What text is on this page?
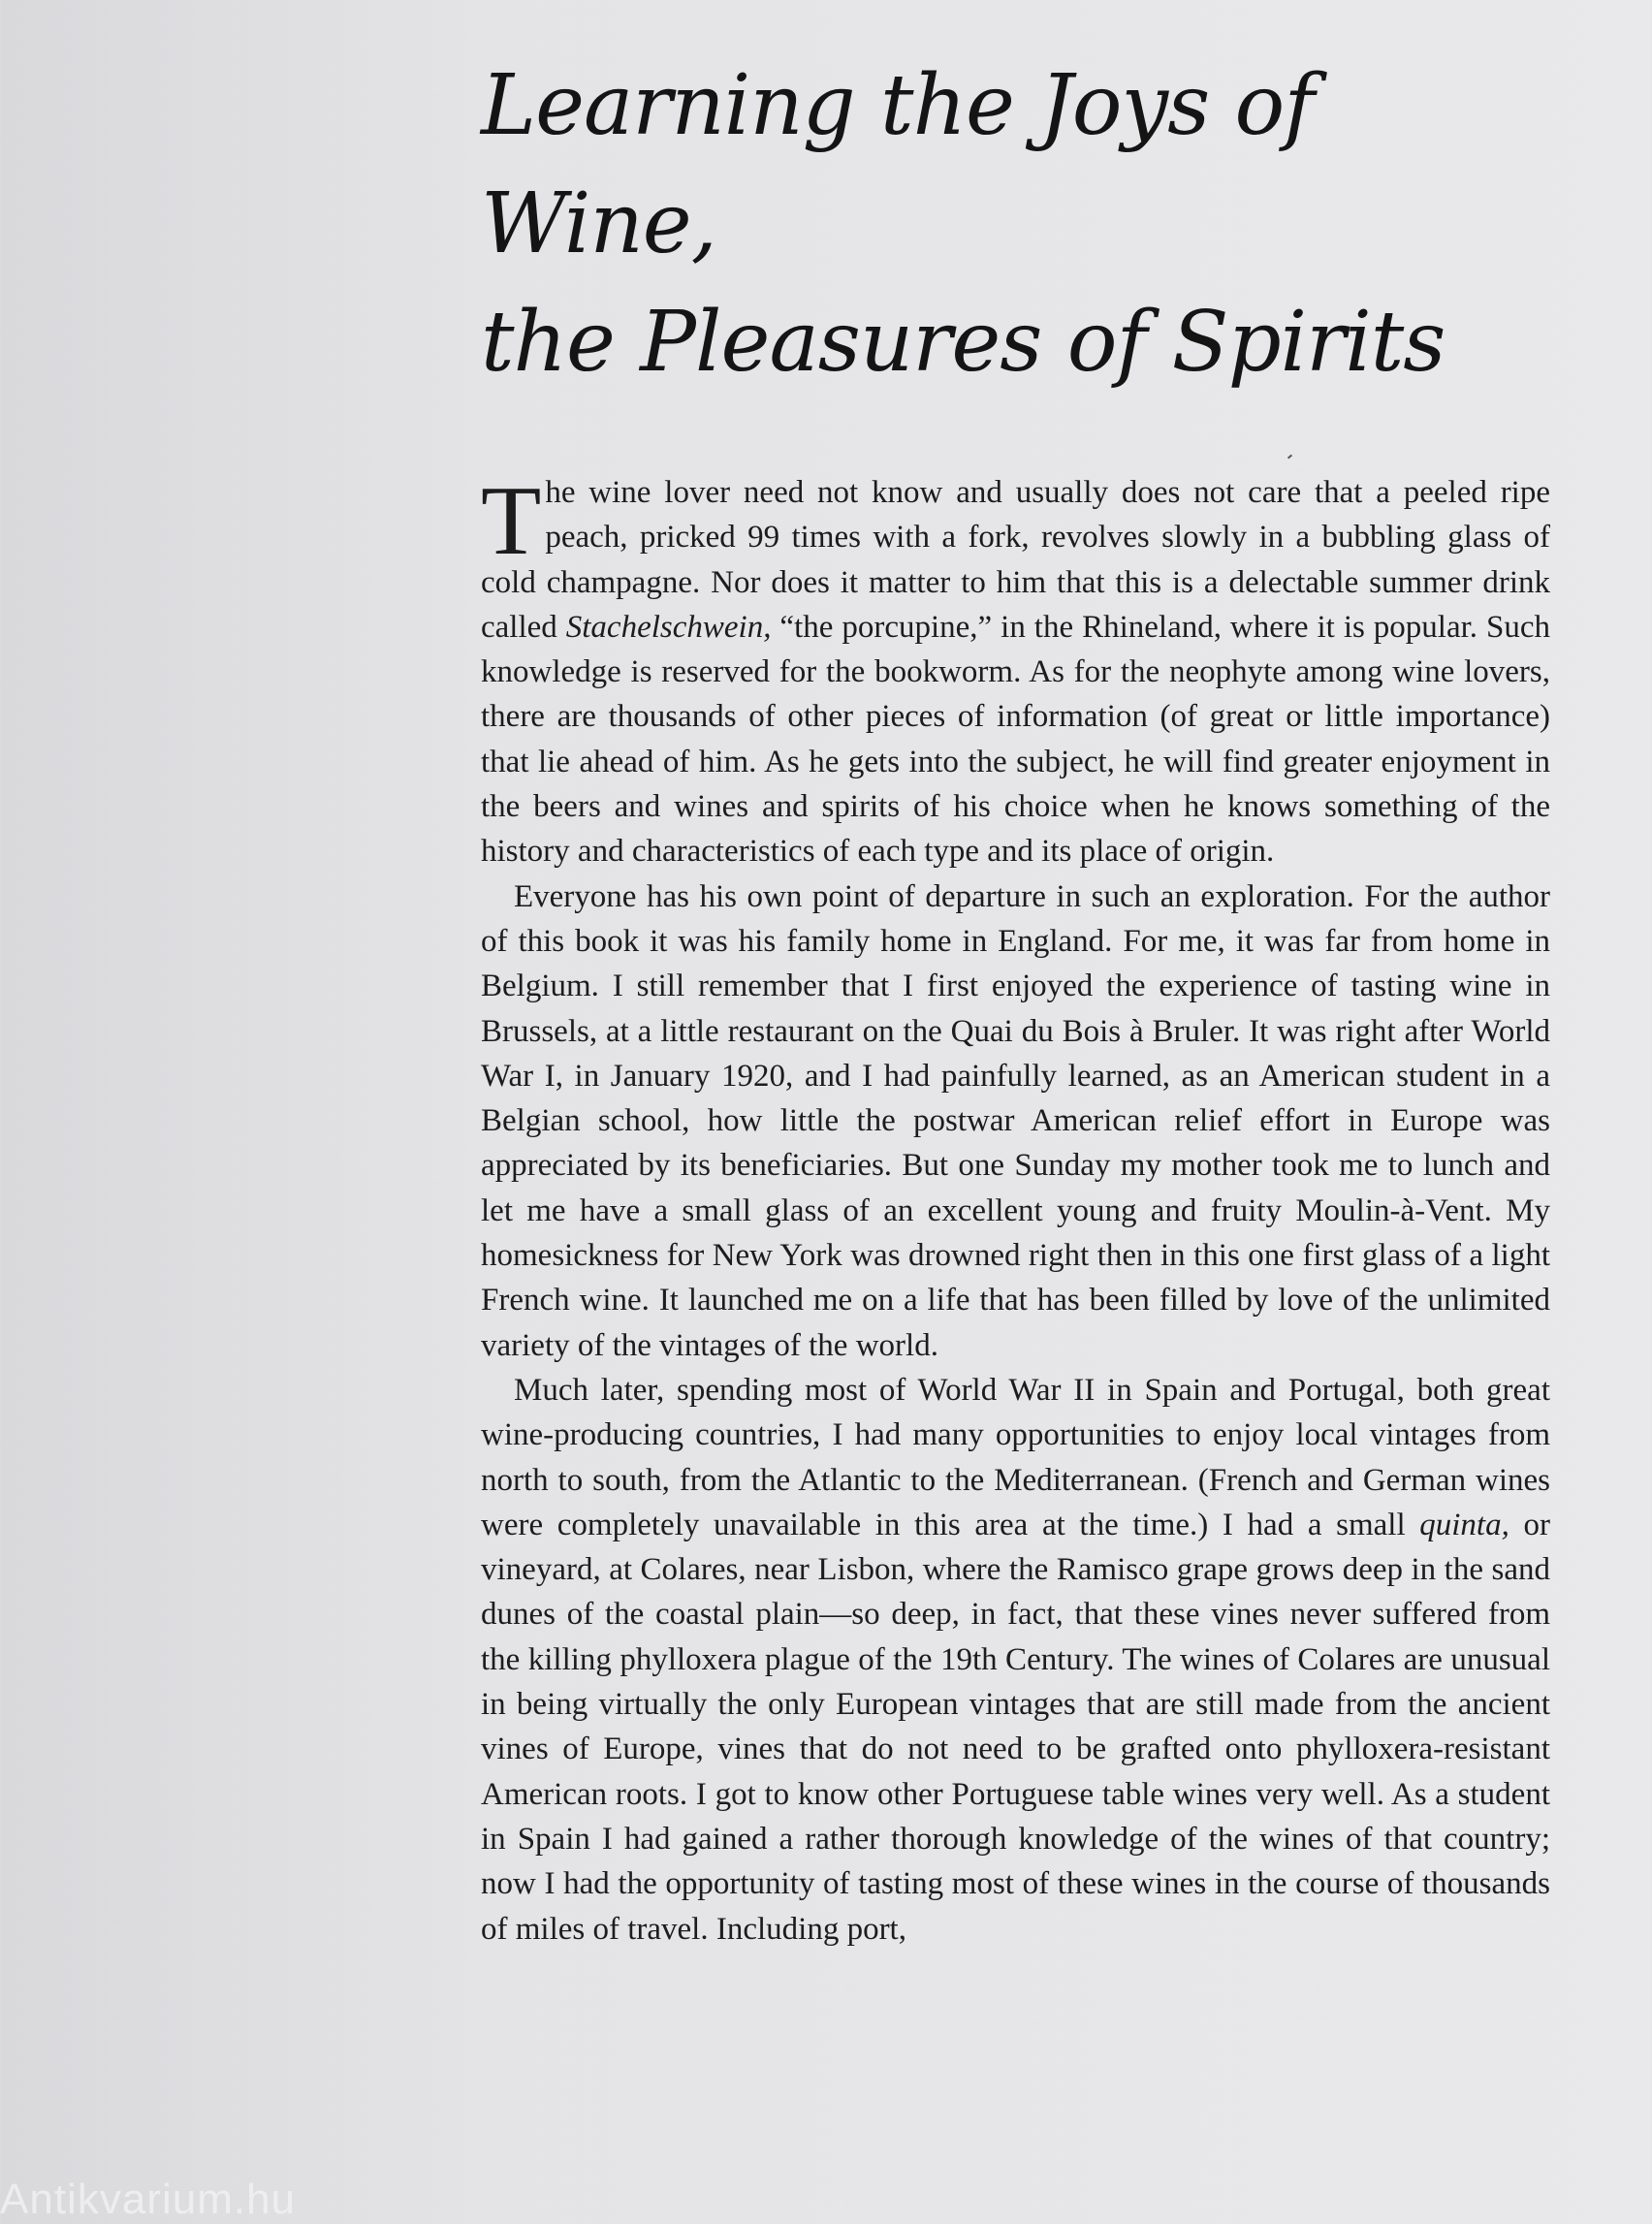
Learning the Joys of Wine,
the Pleasures of Spirits

The wine lover need not know and usually does not care that a peeled ripe peach, pricked 99 times with a fork, revolves slowly in a bubbling glass of cold champagne. Nor does it matter to him that this is a delectable summer drink called Stachelschwein, “the porcupine,” in the Rhineland, where it is popular. Such knowledge is reserved for the bookworm. As for the neophyte among wine lovers, there are thousands of other pieces of information (of great or little importance) that lie ahead of him. As he gets into the subject, he will find greater enjoyment in the beers and wines and spirits of his choice when he knows something of the history and characteristics of each type and its place of origin.

Everyone has his own point of departure in such an exploration. For the author of this book it was his family home in England. For me, it was far from home in Belgium. I still remember that I first enjoyed the experience of tasting wine in Brussels, at a little restaurant on the Quai du Bois à Bruler. It was right after World War I, in January 1920, and I had painfully learned, as an American student in a Belgian school, how little the postwar American relief effort in Europe was appreciated by its beneficiaries. But one Sunday my mother took me to lunch and let me have a small glass of an excellent young and fruity Moulin-à-Vent. My homesickness for New York was drowned right then in this one first glass of a light French wine. It launched me on a life that has been filled by love of the unlimited variety of the vintages of the world.

Much later, spending most of World War II in Spain and Portugal, both great wine-producing countries, I had many opportunities to enjoy local vintages from north to south, from the Atlantic to the Mediterranean. (French and German wines were completely unavailable in this area at the time.) I had a small quinta, or vineyard, at Colares, near Lisbon, where the Ramisco grape grows deep in the sand dunes of the coastal plain—so deep, in fact, that these vines never suffered from the killing phylloxera plague of the 19th Century. The wines of Colares are unusual in being virtually the only European vintages that are still made from the ancient vines of Europe, vines that do not need to be grafted onto phylloxera-resistant American roots. I got to know other Portuguese table wines very well. As a student in Spain I had gained a rather thorough knowledge of the wines of that country; now I had the opportunity of tasting most of these wines in the course of thousands of miles of travel. Including port,

Antikvarium.hu
